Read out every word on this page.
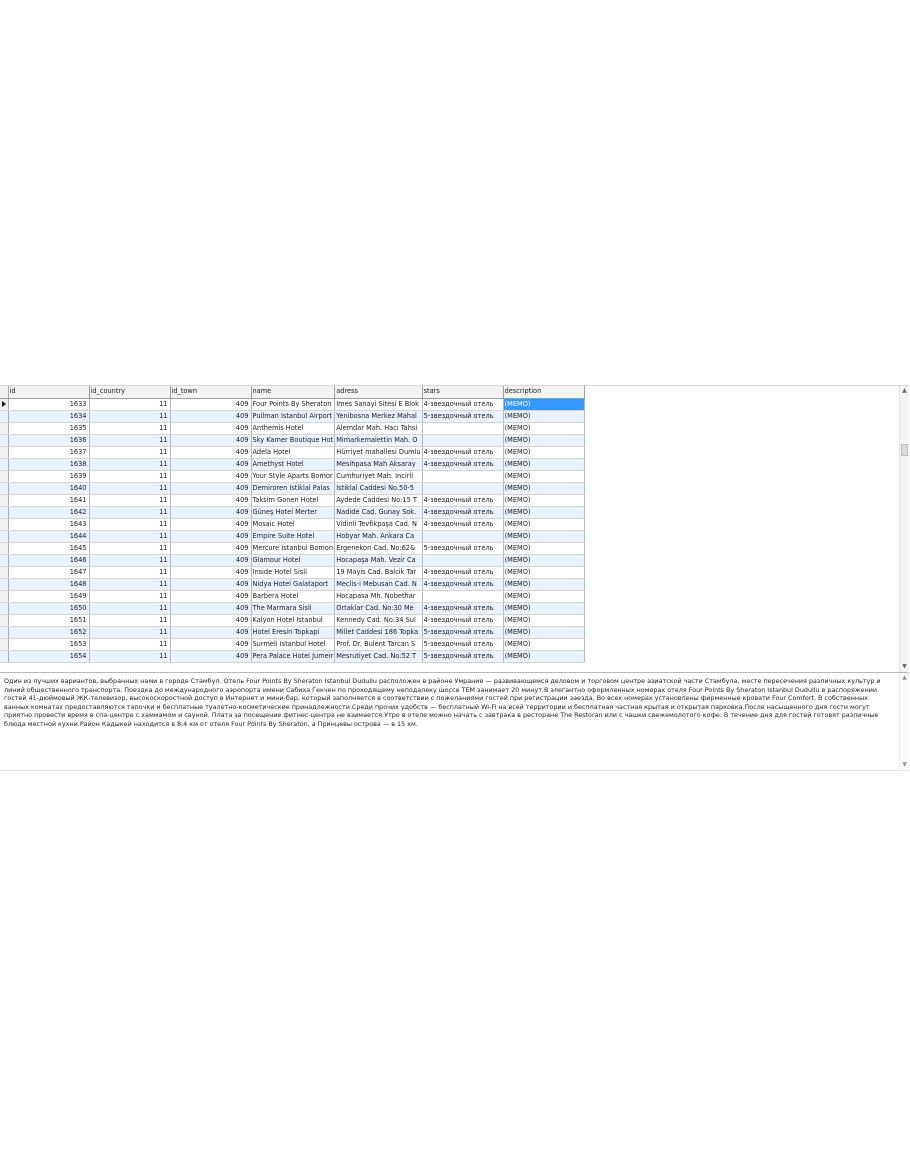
	id	id_country	id_town	name	adress	stars	description
	1633	11	409	Four Points By Sheraton	Imes Sanayi Sitesi E Blok	4-звездочный отель	(MEMO)
	1634	11	409	Pullman Istanbul Airport	Yenibosna Merkez Mahal	5-звездочный отель	(MEMO)
	1635	11	409	Anthemis Hotel	Alemdar Mah. Hacı Tahsi		(MEMO)
	1636	11	409	Sky Kamer Boutique Hot	Mimarkemalettin Mah. O		(MEMO)
	1637	11	409	Adela Hotel	Hürriyet mahallesi Dumlu	4-звездочный отель	(MEMO)
	1638	11	409	Amethyst Hotel	Mesihpasa Mah Aksaray	4-звездочный отель	(MEMO)
	1639	11	409	Your Style Aparts Bomor	Cumhuriyet Mah. Incirli		(MEMO)
	1640	11	409	Demiroren Istiklal Palas	Istiklal Caddesi No.50-5		(MEMO)
	1641	11	409	Taksim Gonen Hotel	Aydede Caddesi No:15 T	4-звездочный отель	(MEMO)
	1642	11	409	Güneş Hotel Merter	Nadide Cad. Gunay Sok.	4-звездочный отель	(MEMO)
	1643	11	409	Mosaic Hotel	Vidinli Tevfikpaşa Cad. N	4-звездочный отель	(MEMO)
	1644	11	409	Empire Suite Hotel	Hobyar Mah. Ankara Ca		(MEMO)
	1645	11	409	Mercure Istanbul Bomon	Ergenekon Cad. No:62&	5-звездочный отель	(MEMO)
	1646	11	409	Glamour Hotel	Hocapaşa Mah. Vezir Ca		(MEMO)
	1647	11	409	Inside Hotel Sisli	19 Mayis Cad. Balcik Tar	4-звездочный отель	(MEMO)
	1648	11	409	Nidya Hotel Galataport	Meclis-i Mebusan Cad. N	4-звездочный отель	(MEMO)
	1649	11	409	Barbera Hotel	Hocapasa Mh. Nobethar		(MEMO)
	1650	11	409	The Marmara Sisli	Ortaklar Cad. No:30 Me	4-звездочный отель	(MEMO)
	1651	11	409	Kalyon Hotel Istanbul	Kennedy Cad. No:34 Sul	4-звездочный отель	(MEMO)
	1652	11	409	Hotel Eresin Topkapi	Millet Caddesi 186 Topka	5-звездочный отель	(MEMO)
	1653	11	409	Surmeli Istanbul Hotel	Prof. Dr. Bulent Tarcan S	5-звездочный отель	(MEMO)
	1654	11	409	Pera Palace Hotel Jumeir	Mesrutiyet Cad. No:52 T	5-звездочный отель	(MEMO)
▲
▼
Один из лучших вариантов, выбранных нами в городе Стамбул. Отель Four Points By Sheraton Istanbul Dudullu расположен в районе Умрание — развивающемся деловом и торговом центре азиатской части Стамбула, месте пересечения различных культур и линий общественного транспорта. Поездка до международного аэропорта имени Сабиха Гекчен по проходящему неподалеку шоссе TEM занимает 20 минут.В элегантно оформленных номерах отеля Four Points By Sheraton Istanbul Dudullu в распоряжении гостей 41-дюймовый ЖК-телевизор, высокоскоростной доступ в Интернет и мини-бар, который заполняется в соответствии с пожеланиями гостей при регистрации заезда. Во всех номерах установлены фирменные кровати Four Comfort. В собственных ванных комнатах предоставляются тапочки и бесплатные туалетно-косметические принадлежности.Среди прочих удобств — бесплатный Wi-Fi на всей территории и бесплатная частная крытая и открытая парковка.После насыщенного дня гости могут приятно провести время в спа-центре с хаммамом и сауной. Плата за посещение фитнес-центра не взимается.Утро в отеле можно начать с завтрака в ресторане The Restoran или с чашки свежемолотого кофе. В течение дня для гостей готовят различные блюда местной кухни.Район Кадыкей находится в 8,4 км от отеля Four Points By Sheraton, а Принцевы острова — в 15 км.
▲
▼
